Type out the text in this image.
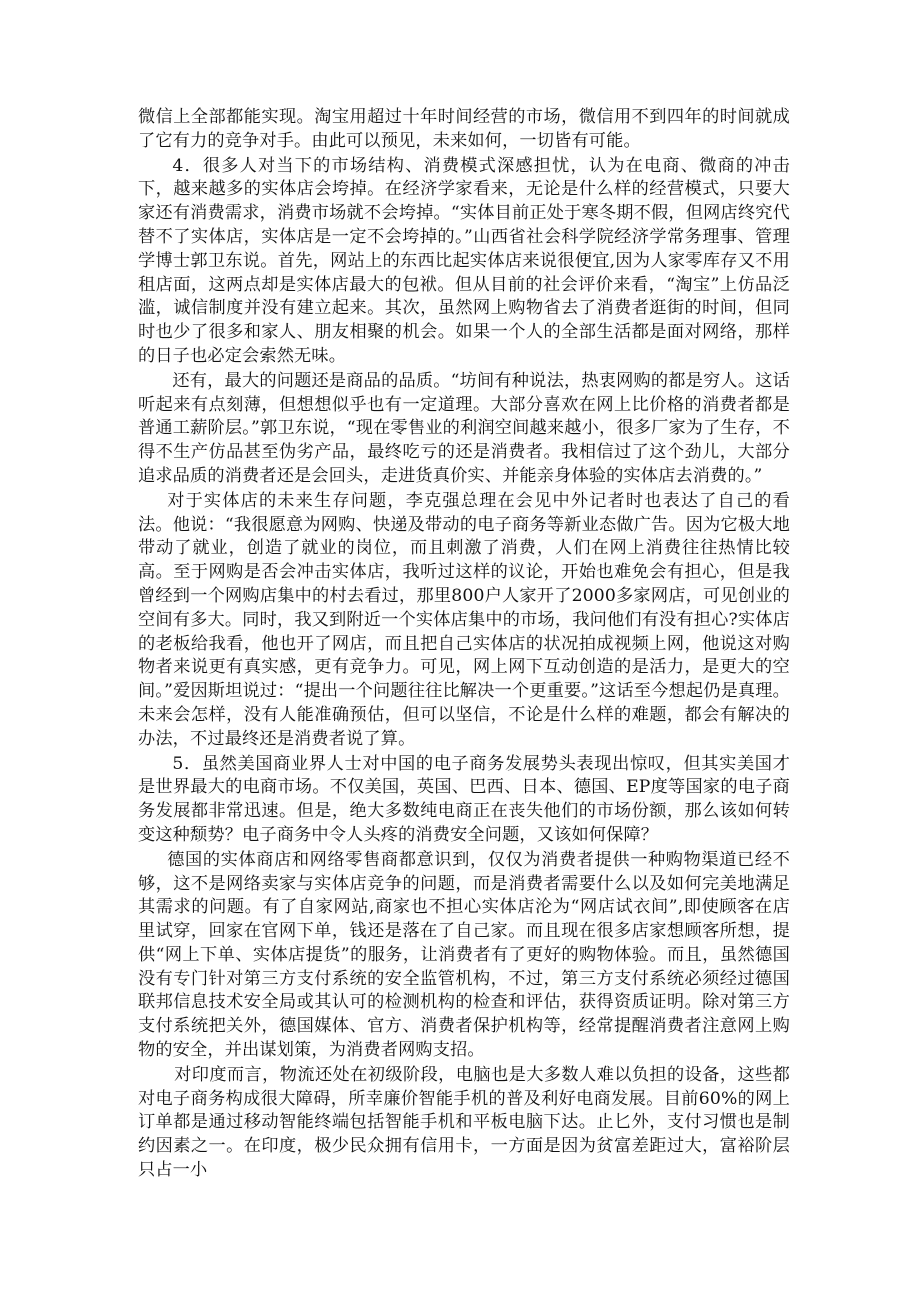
微信上全部都能实现。淘宝用超过十年时间经营的市场，微信用不到四年的时间就成了它有力的竞争对手。由此可以预见，未来如何，一切皆有可能。

4．很多人对当下的市场结构、消费模式深感担忧，认为在电商、微商的冲击下，越来越多的实体店会垮掉。在经济学家看来，无论是什么样的经营模式，只要大家还有消费需求，消费市场就不会垮掉。“实体目前正处于寒冬期不假，但网店终究代替不了实体店，实体店是一定不会垮掉的。”山西省社会科学院经济学常务理事、管理学博士郭卫东说。首先，网站上的东西比起实体店来说很便宜,因为人家零库存又不用租店面，这两点却是实体店最大的包袱。但从目前的社会评价来看，“淘宝”上仿品泛滥，诚信制度并没有建立起来。其次，虽然网上购物省去了消费者逛街的时间，但同时也少了很多和家人、朋友相聚的机会。如果一个人的全部生活都是面对网络，那样的日子也必定会索然无味。

还有，最大的问题还是商品的品质。“坊间有种说法，热衷网购的都是穷人。这话听起来有点刻薄，但想想似乎也有一定道理。大部分喜欢在网上比价格的消费者都是普通工薪阶层。”郭卫东说，“现在零售业的利润空间越来越小，很多厂家为了生存，不得不生产仿品甚至伪劣产品，最终吃亏的还是消费者。我相信过了这个劲儿，大部分追求品质的消费者还是会回头，走进货真价实、并能亲身体验的实体店去消费的。”

对于实体店的未来生存问题，李克强总理在会见中外记者时也表达了自己的看法。他说：“我很愿意为网购、快递及带动的电子商务等新业态做广告。因为它极大地带动了就业，创造了就业的岗位，而且刺激了消费，人们在网上消费往往热情比较高。至于网购是否会冲击实体店，我听过这样的议论，开始也难免会有担心，但是我曾经到一个网购店集中的村去看过，那里800户人家开了2000多家网店，可见创业的空间有多大。同时，我又到附近一个实体店集中的市场，我问他们有没有担心?实体店的老板给我看，他也开了网店，而且把自己实体店的状况拍成视频上网，他说这对购物者来说更有真实感，更有竞争力。可见，网上网下互动创造的是活力，是更大的空间。”爱因斯坦说过：“提出一个问题往往比解决一个更重要。”这话至今想起仍是真理。未来会怎样，没有人能准确预估，但可以坚信，不论是什么样的难题，都会有解决的办法，不过最终还是消费者说了算。

5．虽然美国商业界人士对中国的电子商务发展势头表现出惊叹，但其实美国才是世界最大的电商市场。不仅美国，英国、巴西、日本、德国、EP度等国家的电子商务发展都非常迅速。但是，绝大多数纯电商正在丧失他们的市场份额，那么该如何转变这种颓势？电子商务中令人头疼的消费安全问题，又该如何保障？

德国的实体商店和网络零售商都意识到，仅仅为消费者提供一种购物渠道已经不够，这不是网络卖家与实体店竞争的问题，而是消费者需要什么以及如何完美地满足其需求的问题。有了自家网站,商家也不担心实体店沦为“网店试衣间”,即使顾客在店里试穿，回家在官网下单，钱还是落在了自己家。而且现在很多店家想顾客所想，提供“网上下单、实体店提货”的服务，让消费者有了更好的购物体验。而且，虽然德国没有专门针对第三方支付系统的安全监管机构，不过，第三方支付系统必须经过德国联邦信息技术安全局或其认可的检测机构的检查和评估，获得资质证明。除对第三方支付系统把关外，德国媒体、官方、消费者保护机构等，经常提醒消费者注意网上购物的安全，并出谋划策，为消费者网购支招。

对印度而言，物流还处在初级阶段，电脑也是大多数人难以负担的设备，这些都对电子商务构成很大障碍，所幸廉价智能手机的普及利好电商发展。目前60%的网上订单都是通过移动智能终端包括智能手机和平板电脑下达。止匕外，支付习惯也是制约因素之一。在印度，极少民众拥有信用卡，一方面是因为贫富差距过大，富裕阶层只占一小
